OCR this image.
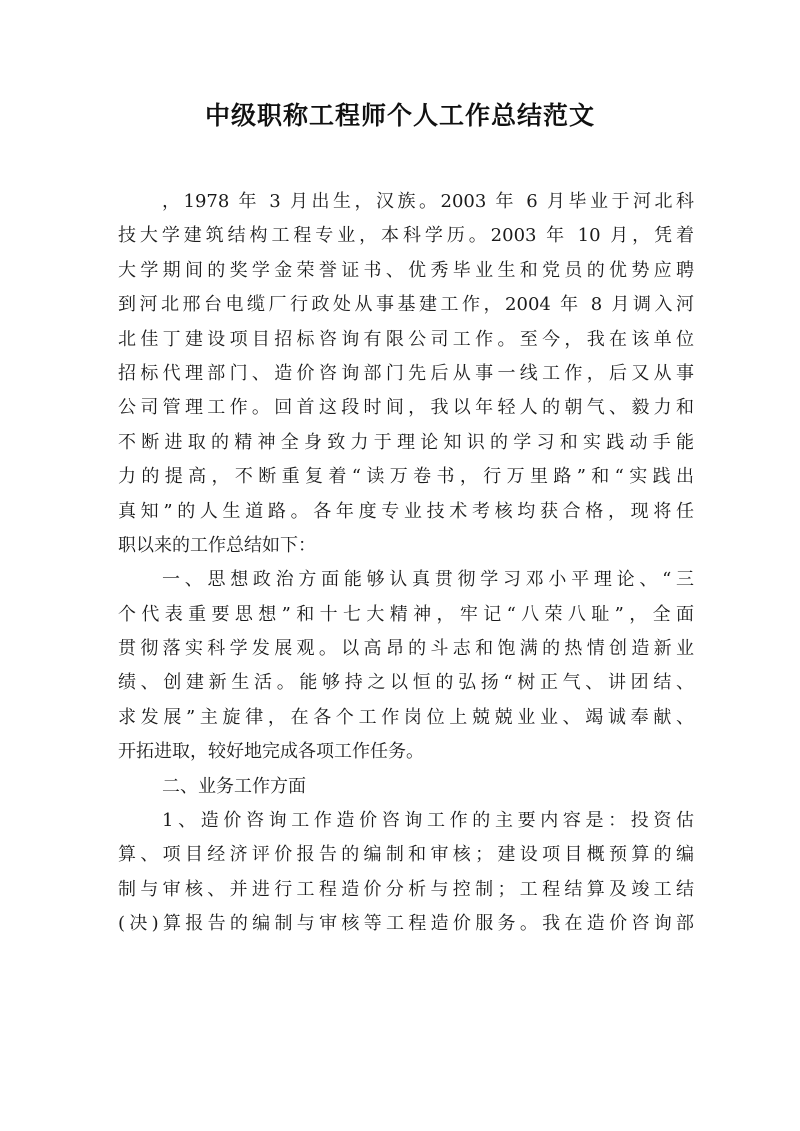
中级职称工程师个人工作总结范文
，1978 年 3 月出生，汉族。2003 年 6 月毕业于河北科
技大学建筑结构工程专业，本科学历。2003 年 10 月，凭着
大学期间的奖学金荣誉证书、优秀毕业生和党员的优势应聘
到河北邢台电缆厂行政处从事基建工作，2004 年 8 月调入河
北佳丁建设项目招标咨询有限公司工作。至今，我在该单位
招标代理部门、造价咨询部门先后从事一线工作，后又从事
公司管理工作。回首这段时间，我以年轻人的朝气、毅力和
不断进取的精神全身致力于理论知识的学习和实践动手能
力的提高，不断重复着“读万卷书，行万里路”和“实践出
真知”的人生道路。各年度专业技术考核均获合格，现将任
职以来的工作总结如下：
一、思想政治方面能够认真贯彻学习邓小平理论、“三
个代表重要思想”和十七大精神，牢记“八荣八耻”，全面
贯彻落实科学发展观。以高昂的斗志和饱满的热情创造新业
绩、创建新生活。能够持之以恒的弘扬“树正气、讲团结、
求发展”主旋律，在各个工作岗位上兢兢业业、竭诚奉献、
开拓进取，较好地完成各项工作任务。
二、业务工作方面
1、造价咨询工作造价咨询工作的主要内容是：投资估
算、项目经济评价报告的编制和审核；建设项目概预算的编
制与审核、并进行工程造价分析与控制；工程结算及竣工结
(决)算报告的编制与审核等工程造价服务。我在造价咨询部
